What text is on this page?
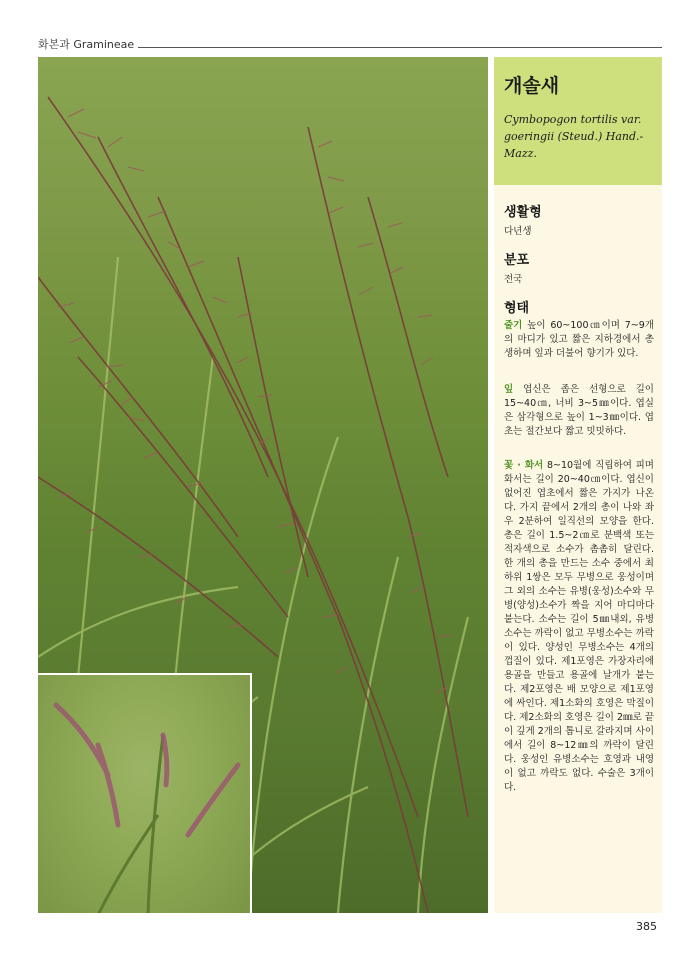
화본과 Gramineae
개솔새
Cymbopogon tortilis var. goeringii (Steud.) Hand.-Mazz.
생활형
다년생
분포
전국
형태
줄기 높이 60~100㎝이며 7~9개의 마디가 있고 짧은 지하경에서 총생하며 잎과 더불어 향기가 있다.
잎 엽신은 좁은 선형으로 길이 15~40㎝, 너비 3~5㎜이다. 엽실은 삼각형으로 높이 1~3㎜이다. 엽초는 절간보다 짧고 밋밋하다.
꽃 · 화서 8~10월에 직립하여 피며 화서는 길이 20~40㎝이다. 엽신이 없어진 엽초에서 짧은 가지가 나온다. 가지 끝에서 2개의 총이 나와 좌우 2분하여 일직선의 모양을 한다. 총은 길이 1.5~2㎝로 분백색 또는 적자색으로 소수가 촘촘히 달린다. 한 개의 총을 만드는 소수 중에서 최하위 1쌍은 모두 무병으로 웅성이며 그 외의 소수는 유병(웅성)소수와 무병(양성)소수가 짝을 지어 마디마다 붙는다. 소수는 길이 5㎜내외, 유병소수는 까락이 없고 무병소수는 까락이 있다. 양성인 무병소수는 4개의 껍질이 있다. 제1포영은 가장자리에 용골을 만들고 용골에 날개가 붙는다. 제2포영은 배 모양으로 제1포영에 싸인다. 제1소화의 호영은 막질이다. 제2소화의 호영은 길이 2㎜로 끝이 깊게 2개의 톱니로 갈라지며 사이에서 길이 8~12㎜의 까락이 달린다. 웅성인 유병소수는 호영과 내영이 없고 까락도 없다. 수술은 3개이다.
385
